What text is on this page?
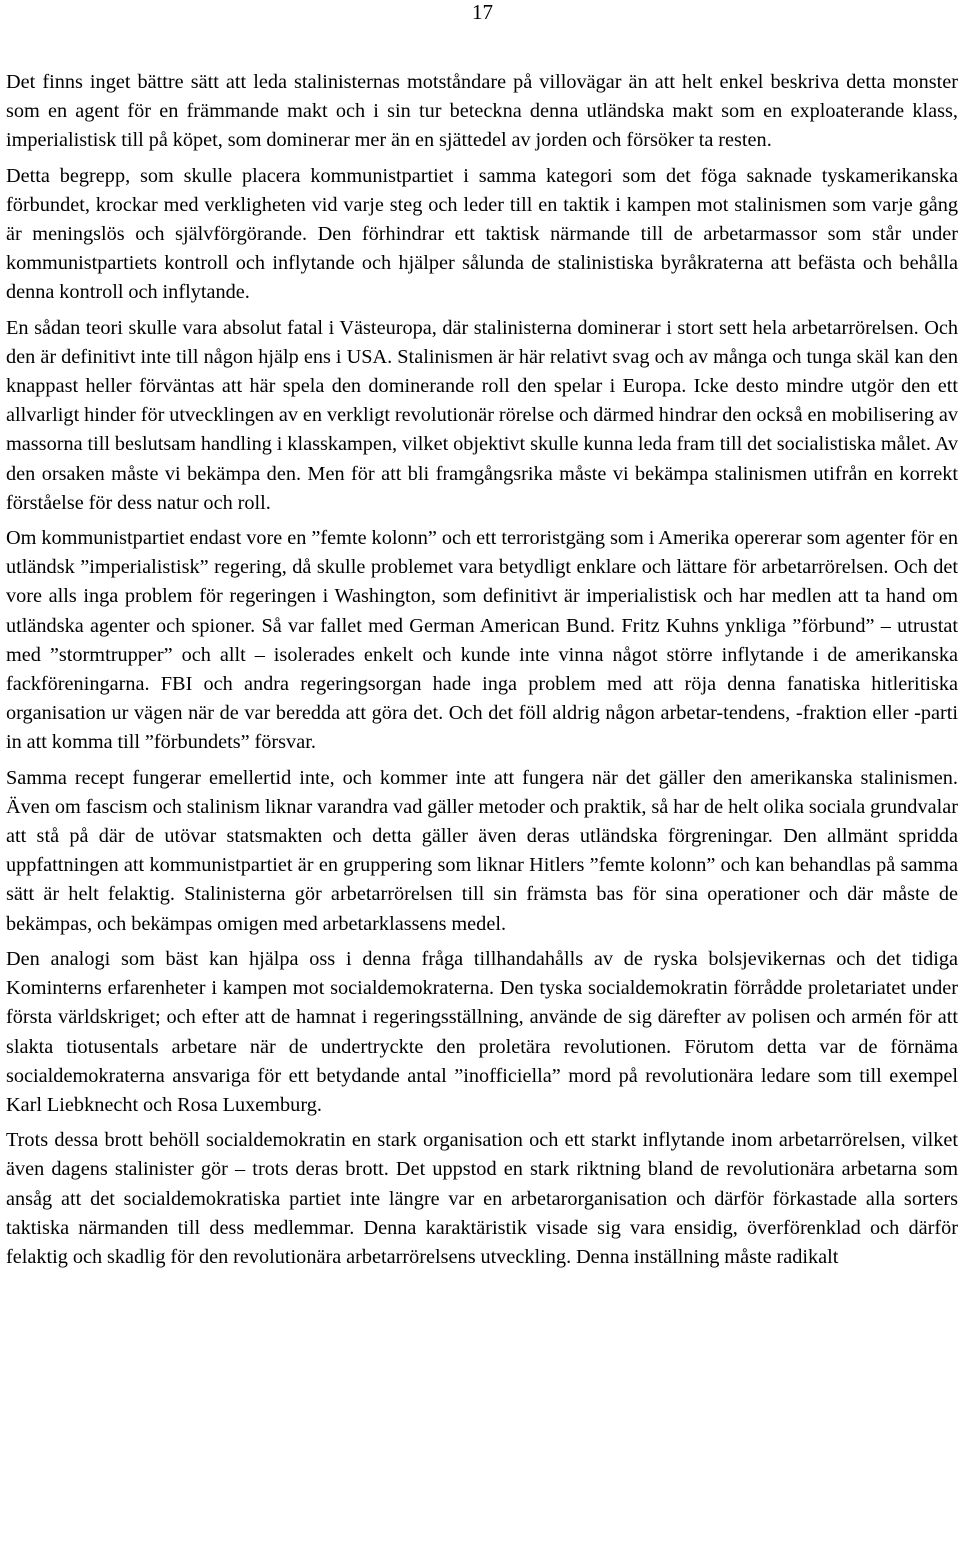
17

Det finns inget bättre sätt att leda stalinisternas motståndare på villovägar än att helt enkel beskriva detta monster som en agent för en främmande makt och i sin tur beteckna denna utländska makt som en exploaterande klass, imperialistisk till på köpet, som dominerar mer än en sjättedel av jorden och försöker ta resten.

Detta begrepp, som skulle placera kommunistpartiet i samma kategori som det föga saknade tyskamerikanska förbundet, krockar med verkligheten vid varje steg och leder till en taktik i kampen mot stalinismen som varje gång är meningslös och självförgörande. Den förhindrar ett taktisk närmande till de arbetarmassor som står under kommunistpartiets kontroll och inflytande och hjälper sålunda de stalinistiska byråkraterna att befästa och behålla denna kontroll och inflytande.

En sådan teori skulle vara absolut fatal i Västeuropa, där stalinisterna dominerar i stort sett hela arbetarrörelsen. Och den är definitivt inte till någon hjälp ens i USA. Stalinismen är här relativt svag och av många och tunga skäl kan den knappast heller förväntas att här spela den dominerande roll den spelar i Europa. Icke desto mindre utgör den ett allvarligt hinder för utvecklingen av en verkligt revolutionär rörelse och därmed hindrar den också en mobilisering av massorna till beslutsam handling i klasskampen, vilket objektivt skulle kunna leda fram till det socialistiska målet. Av den orsaken måste vi bekämpa den. Men för att bli framgångsrika måste vi bekämpa stalinismen utifrån en korrekt förståelse för dess natur och roll.

Om kommunistpartiet endast vore en ”femte kolonn” och ett terroristgäng som i Amerika opererar som agenter för en utländsk ”imperialistisk” regering, då skulle problemet vara betydligt enklare och lättare för arbetarrörelsen. Och det vore alls inga problem för regeringen i Washington, som definitivt är imperialistisk och har medlen att ta hand om utländska agenter och spioner. Så var fallet med German American Bund. Fritz Kuhns ynkliga ”förbund” – utrustat med ”stormtrupper” och allt – isolerades enkelt och kunde inte vinna något större inflytande i de amerikanska fackföreningarna. FBI och andra regeringsorgan hade inga problem med att röja denna fanatiska hitleritiska organisation ur vägen när de var beredda att göra det. Och det föll aldrig någon arbetar-tendens, -fraktion eller -parti in att komma till ”förbundets” försvar.

Samma recept fungerar emellertid inte, och kommer inte att fungera när det gäller den amerikanska stalinismen. Även om fascism och stalinism liknar varandra vad gäller metoder och praktik, så har de helt olika sociala grundvalar att stå på där de utövar statsmakten och detta gäller även deras utländska förgreningar. Den allmänt spridda uppfattningen att kommunistpartiet är en gruppering som liknar Hitlers ”femte kolonn” och kan behandlas på samma sätt är helt felaktig. Stalinisterna gör arbetarrörelsen till sin främsta bas för sina operationer och där måste de bekämpas, och bekämpas omigen med arbetarklassens medel.

Den analogi som bäst kan hjälpa oss i denna fråga tillhandahålls av de ryska bolsjevikernas och det tidiga Kominterns erfarenheter i kampen mot socialdemokraterna. Den tyska socialdemokratin förrådde proletariatet under första världskriget; och efter att de hamnat i regeringsställning, använde de sig därefter av polisen och armén för att slakta tiotusentals arbetare när de undertryckte den proletära revolutionen. Förutom detta var de förnäma socialdemokraterna ansvariga för ett betydande antal ”inofficiella” mord på revolutionära ledare som till exempel Karl Liebknecht och Rosa Luxemburg.

Trots dessa brott behöll socialdemokratin en stark organisation och ett starkt inflytande inom arbetarrörelsen, vilket även dagens stalinister gör – trots deras brott. Det uppstod en stark riktning bland de revolutionära arbetarna som ansåg att det socialdemokratiska partiet inte längre var en arbetarorganisation och därför förkastade alla sorters taktiska närmanden till dess medlemmar. Denna karaktäristik visade sig vara ensidig, överförenklad och därför felaktig och skadlig för den revolutionära arbetarrörelsens utveckling. Denna inställning måste radikalt
